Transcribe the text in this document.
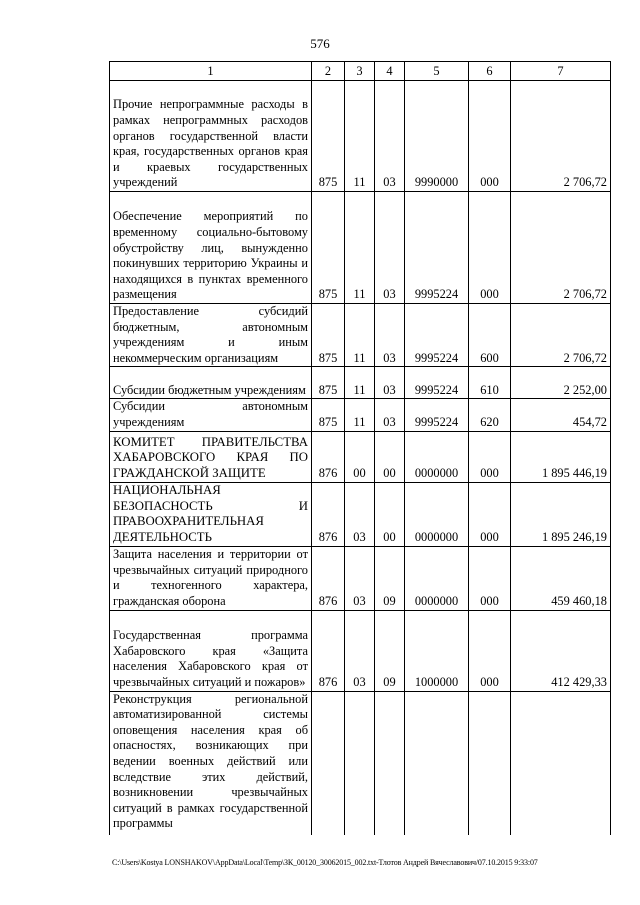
576
1	2	3	4	5	6	7
Прочие непрограммные расходы в рамках непрограммных расходов органов государственной власти края, государственных органов края и краевых государственных учреждений	875	11	03	9990000	000	2 706,72
Обеспечение мероприятий по временному социально-бытовому обустройству лиц, вынужденно покинувших территорию Украины и находящихся в пунктах временного размещения	875	11	03	9995224	000	2 706,72
Предоставление субсидий бюджетным, автономным учреждениям и иным некоммерческим организациям	875	11	03	9995224	600	2 706,72
Субсидии бюджетным учреждениям	875	11	03	9995224	610	2 252,00
Субсидии автономным учреждениям	875	11	03	9995224	620	454,72
КОМИТЕТ ПРАВИТЕЛЬСТВА ХАБАРОВСКОГО КРАЯ ПО ГРАЖДАНСКОЙ ЗАЩИТЕ	876	00	00	0000000	000	1 895 446,19
НАЦИОНАЛЬНАЯ БЕЗОПАСНОСТЬ И ПРАВООХРАНИТЕЛЬНАЯ ДЕЯТЕЛЬНОСТЬ	876	03	00	0000000	000	1 895 246,19
Защита населения и территории от чрезвычайных ситуаций природного и техногенного характера, гражданская оборона	876	03	09	0000000	000	459 460,18
Государственная программа Хабаровского края «Защита населения Хабаровского края от чрезвычайных ситуаций и пожаров»	876	03	09	1000000	000	412 429,33
Реконструкция региональной автоматизированной системы оповещения населения края об опасностях, возникающих при ведении военных действий или вследствие этих действий, возникновении чрезвычайных ситуаций в рамках государственной программы						
C:\Users\Kostya LONSHAKOV\AppData\Local\Temp\ЗК_00120_30062015_002.txt-Тлотов Андрей Вячеславович/07.10.2015 9:33:07
